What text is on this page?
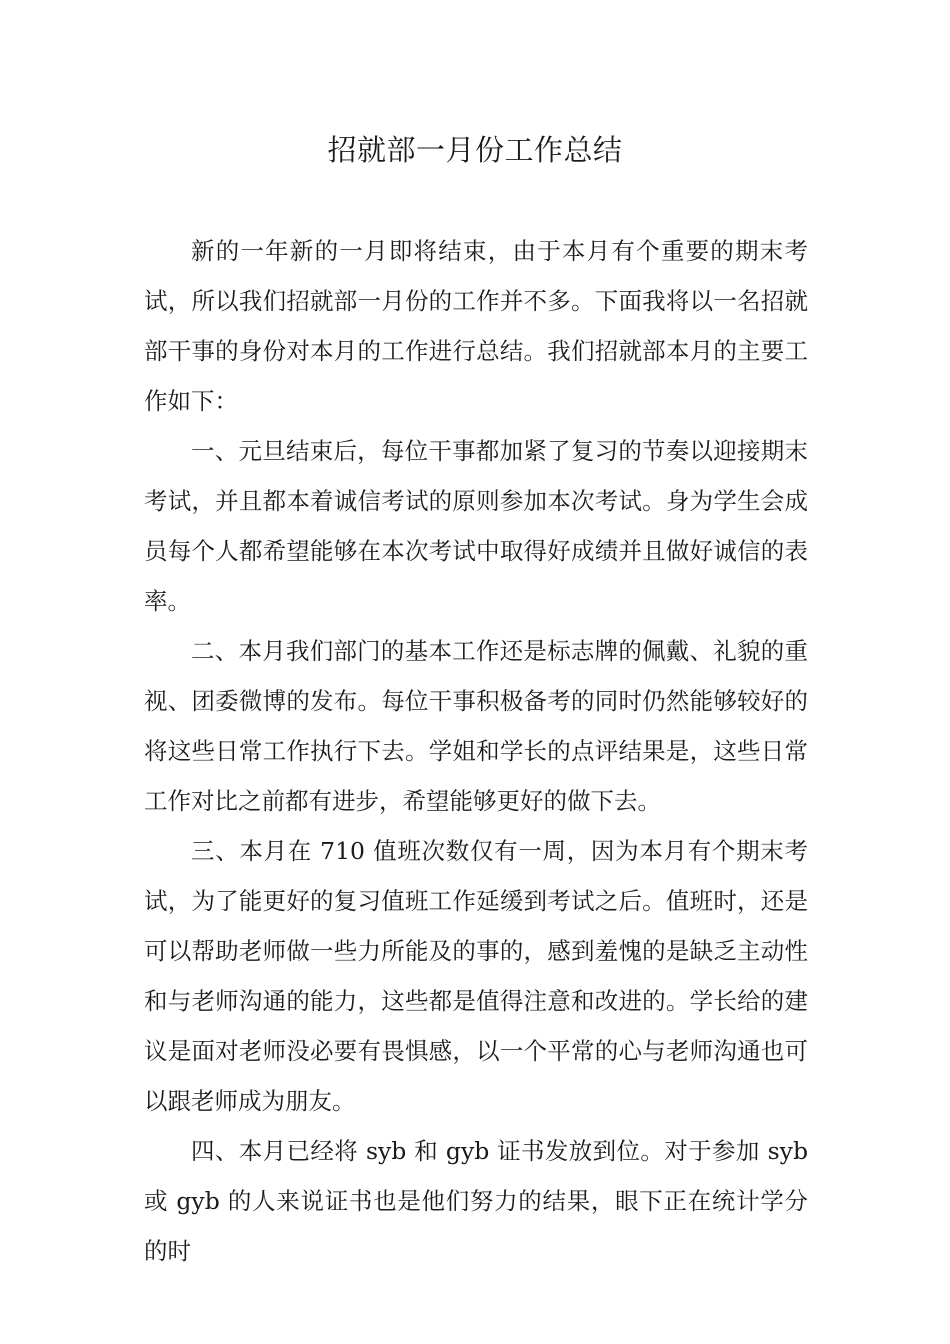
招就部一月份工作总结

新的一年新的一月即将结束，由于本月有个重要的期末考试，所以我们招就部一月份的工作并不多。下面我将以一名招就部干事的身份对本月的工作进行总结。我们招就部本月的主要工作如下：

一、元旦结束后，每位干事都加紧了复习的节奏以迎接期末考试，并且都本着诚信考试的原则参加本次考试。身为学生会成员每个人都希望能够在本次考试中取得好成绩并且做好诚信的表率。

二、本月我们部门的基本工作还是标志牌的佩戴、礼貌的重视、团委微博的发布。每位干事积极备考的同时仍然能够较好的将这些日常工作执行下去。学姐和学长的点评结果是，这些日常工作对比之前都有进步，希望能够更好的做下去。

三、本月在 710 值班次数仅有一周，因为本月有个期末考试，为了能更好的复习值班工作延缓到考试之后。值班时，还是可以帮助老师做一些力所能及的事的，感到羞愧的是缺乏主动性和与老师沟通的能力，这些都是值得注意和改进的。学长给的建议是面对老师没必要有畏惧感，以一个平常的心与老师沟通也可以跟老师成为朋友。

四、本月已经将 syb 和 gyb 证书发放到位。对于参加 syb 或 gyb 的人来说证书也是他们努力的结果，眼下正在统计学分的时
